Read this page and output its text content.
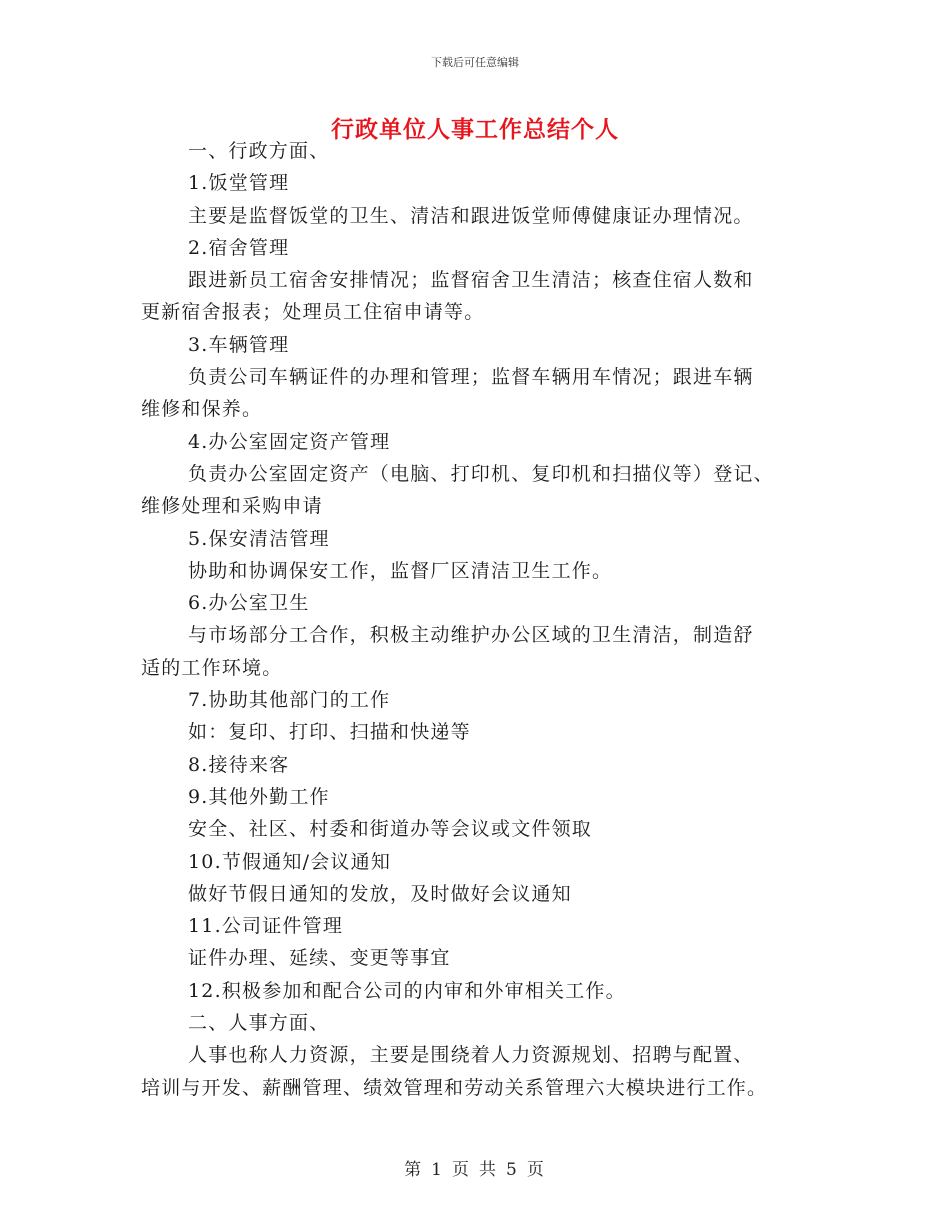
下载后可任意编辑
行政单位人事工作总结个人

一、行政方面、

1.饭堂管理

主要是监督饭堂的卫生、清洁和跟进饭堂师傅健康证办理情况。

2.宿舍管理

跟进新员工宿舍安排情况；监督宿舍卫生清洁；核查住宿人数和

更新宿舍报表；处理员工住宿申请等。

3.车辆管理

负责公司车辆证件的办理和管理；监督车辆用车情况；跟进车辆

维修和保养。

4.办公室固定资产管理

负责办公室固定资产（电脑、打印机、复印机和扫描仪等）登记、

维修处理和采购申请

5.保安清洁管理

协助和协调保安工作，监督厂区清洁卫生工作。

6.办公室卫生

与市场部分工合作，积极主动维护办公区域的卫生清洁，制造舒

适的工作环境。

7.协助其他部门的工作

如：复印、打印、扫描和快递等

8.接待来客

9.其他外勤工作

安全、社区、村委和街道办等会议或文件领取

10.节假通知/会议通知

做好节假日通知的发放，及时做好会议通知

11.公司证件管理

证件办理、延续、变更等事宜

12.积极参加和配合公司的内审和外审相关工作。

二、人事方面、

人事也称人力资源，主要是围绕着人力资源规划、招聘与配置、

培训与开发、薪酬管理、绩效管理和劳动关系管理六大模块进行工作。

第 1 页 共 5 页
